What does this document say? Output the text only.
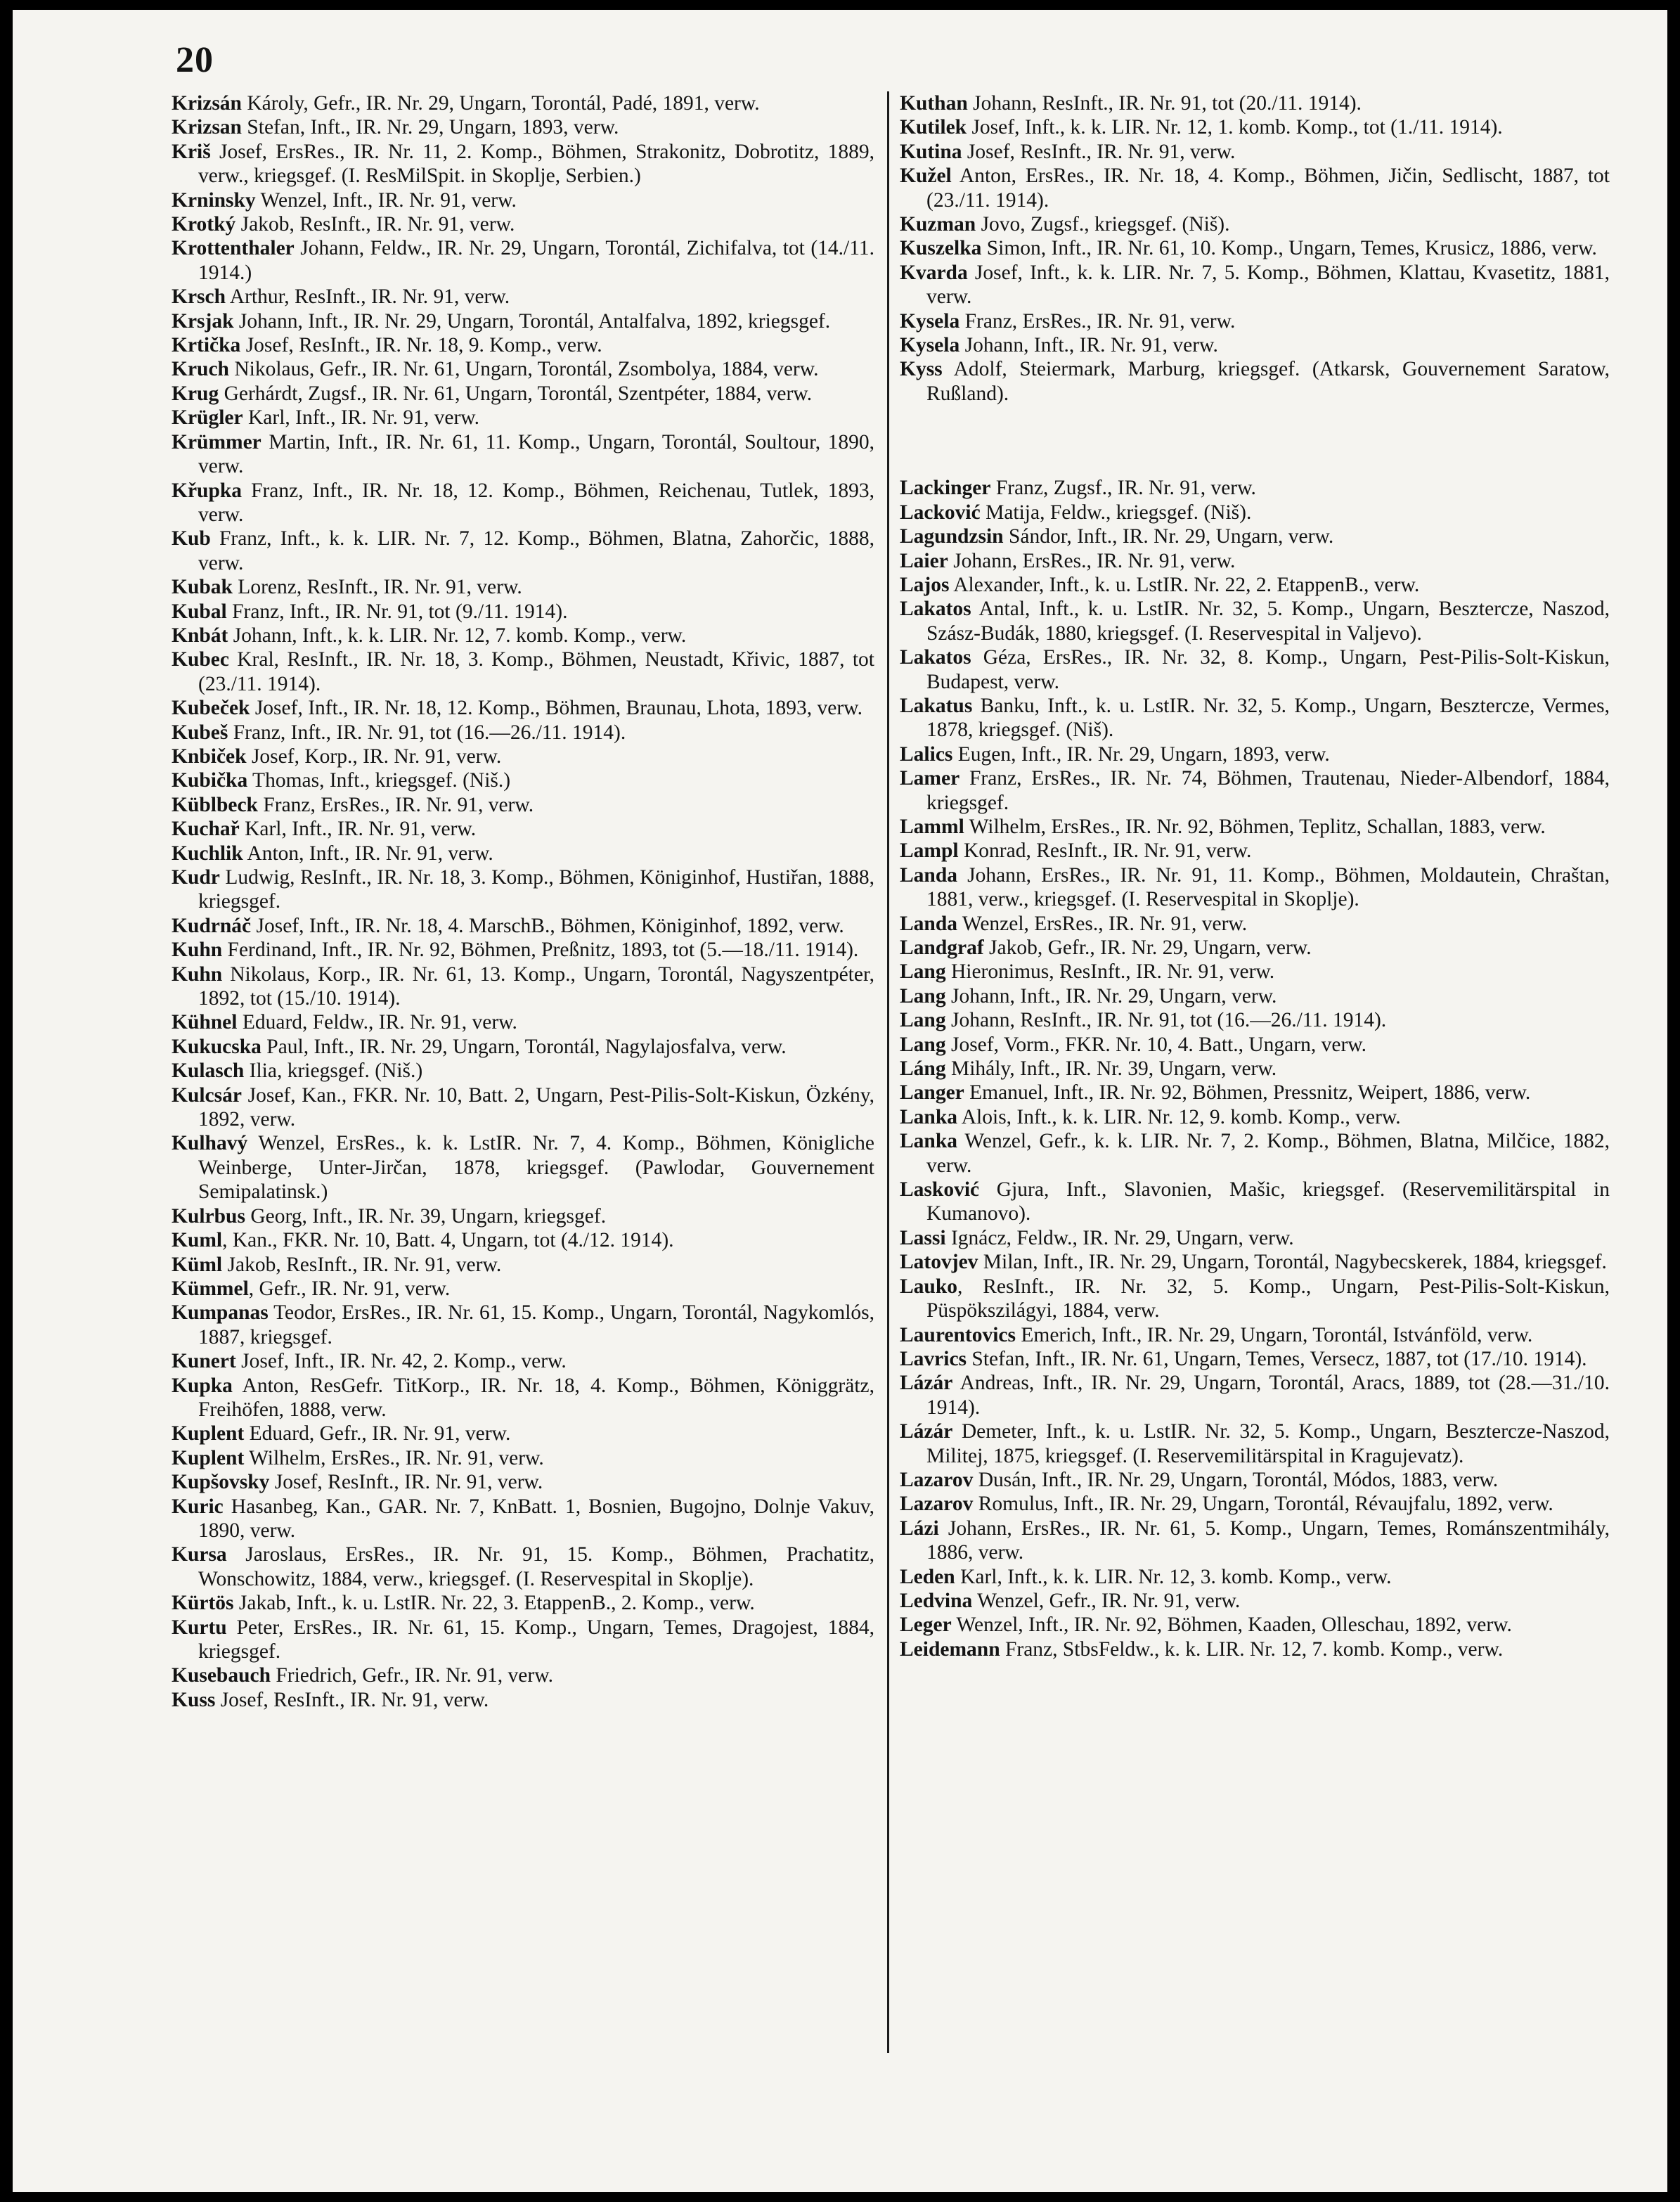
20
Krizsán Károly, Gefr., IR. Nr. 29, Ungarn, Torontál, Padé, 1891, verw.
Krizsan Stefan, Inft., IR. Nr. 29, Ungarn, 1893, verw.
Kriš Josef, ErsRes., IR. Nr. 11, 2. Komp., Böhmen, Strakonitz, Dobrotitz, 1889, verw., kriegsgef. (I. ResMilSpit. in Skoplje, Serbien.)
Krninsky Wenzel, Inft., IR. Nr. 91, verw.
Krotký Jakob, ResInft., IR. Nr. 91, verw.
Krottenthaler Johann, Feldw., IR. Nr. 29, Ungarn, Torontál, Zichifalva, tot (14./11. 1914.)
Krsch Arthur, ResInft., IR. Nr. 91, verw.
Krsjak Johann, Inft., IR. Nr. 29, Ungarn, Torontál, Antalfalva, 1892, kriegsgef.
Krtička Josef, ResInft., IR. Nr. 18, 9. Komp., verw.
Kruch Nikolaus, Gefr., IR. Nr. 61, Ungarn, Torontál, Zsombolya, 1884, verw.
Krug Gerhárdt, Zugsf., IR. Nr. 61, Ungarn, Torontál, Szentpéter, 1884, verw.
Krügler Karl, Inft., IR. Nr. 91, verw.
Krümmer Martin, Inft., IR. Nr. 61, 11. Komp., Ungarn, Torontál, Soultour, 1890, verw.
Křupka Franz, Inft., IR. Nr. 18, 12. Komp., Böhmen, Reichenau, Tutlek, 1893, verw.
Kub Franz, Inft., k. k. LIR. Nr. 7, 12. Komp., Böhmen, Blatna, Zahorčic, 1888, verw.
Kubak Lorenz, ResInft., IR. Nr. 91, verw.
Kubal Franz, Inft., IR. Nr. 91, tot (9./11. 1914).
Knbát Johann, Inft., k. k. LIR. Nr. 12, 7. komb. Komp., verw.
Kubec Kral, ResInft., IR. Nr. 18, 3. Komp., Böhmen, Neustadt, Křivic, 1887, tot (23./11. 1914).
Kubeček Josef, Inft., IR. Nr. 18, 12. Komp., Böhmen, Braunau, Lhota, 1893, verw.
Kubeš Franz, Inft., IR. Nr. 91, tot (16.—26./11. 1914).
Knbiček Josef, Korp., IR. Nr. 91, verw.
Kubička Thomas, Inft., kriegsgef. (Niš.)
Küblbeck Franz, ErsRes., IR. Nr. 91, verw.
Kuchař Karl, Inft., IR. Nr. 91, verw.
Kuchlik Anton, Inft., IR. Nr. 91, verw.
Kudr Ludwig, ResInft., IR. Nr. 18, 3. Komp., Böhmen, Königinhof, Hustiřan, 1888, kriegsgef.
Kudrnáč Josef, Inft., IR. Nr. 18, 4. MarschB., Böhmen, Königinhof, 1892, verw.
Kuhn Ferdinand, Inft., IR. Nr. 92, Böhmen, Preßnitz, 1893, tot (5.—18./11. 1914).
Kuhn Nikolaus, Korp., IR. Nr. 61, 13. Komp., Ungarn, Torontál, Nagyszentpéter, 1892, tot (15./10. 1914).
Kühnel Eduard, Feldw., IR. Nr. 91, verw.
Kukucska Paul, Inft., IR. Nr. 29, Ungarn, Torontál, Nagylajosfalva, verw.
Kulasch Ilia, kriegsgef. (Niš.)
Kulcsár Josef, Kan., FKR. Nr. 10, Batt. 2, Ungarn, Pest-Pilis-Solt-Kiskun, Özkény, 1892, verw.
Kulhavý Wenzel, ErsRes., k. k. LstIR. Nr. 7, 4. Komp., Böhmen, Königliche Weinberge, Unter-Jirčan, 1878, kriegsgef. (Pawlodar, Gouvernement Semipalatinsk.)
Kulrbus Georg, Inft., IR. Nr. 39, Ungarn, kriegsgef.
Kuml, Kan., FKR. Nr. 10, Batt. 4, Ungarn, tot (4./12. 1914).
Küml Jakob, ResInft., IR. Nr. 91, verw.
Kümmel, Gefr., IR. Nr. 91, verw.
Kumpanas Teodor, ErsRes., IR. Nr. 61, 15. Komp., Ungarn, Torontál, Nagykomlós, 1887, kriegsgef.
Kunert Josef, Inft., IR. Nr. 42, 2. Komp., verw.
Kupka Anton, ResGefr. TitKorp., IR. Nr. 18, 4. Komp., Böhmen, Königgrätz, Freihöfen, 1888, verw.
Kuplent Eduard, Gefr., IR. Nr. 91, verw.
Kuplent Wilhelm, ErsRes., IR. Nr. 91, verw.
Kupšovsky Josef, ResInft., IR. Nr. 91, verw.
Kuric Hasanbeg, Kan., GAR. Nr. 7, KnBatt. 1, Bosnien, Bugojno, Dolnje Vakuv, 1890, verw.
Kursa Jaroslaus, ErsRes., IR. Nr. 91, 15. Komp., Böhmen, Prachatitz, Wonschowitz, 1884, verw., kriegsgef. (I. Reservespital in Skoplje).
Kürtös Jakab, Inft., k. u. LstIR. Nr. 22, 3. EtappenB., 2. Komp., verw.
Kurtu Peter, ErsRes., IR. Nr. 61, 15. Komp., Ungarn, Temes, Dragojest, 1884, kriegsgef.
Kusebauch Friedrich, Gefr., IR. Nr. 91, verw.
Kuss Josef, ResInft., IR. Nr. 91, verw.
Kuthan Johann, ResInft., IR. Nr. 91, tot (20./11. 1914).
Kutilek Josef, Inft., k. k. LIR. Nr. 12, 1. komb. Komp., tot (1./11. 1914).
Kutina Josef, ResInft., IR. Nr. 91, verw.
Kužel Anton, ErsRes., IR. Nr. 18, 4. Komp., Böhmen, Jičin, Sedlischt, 1887, tot (23./11. 1914).
Kuzman Jovo, Zugsf., kriegsgef. (Niš).
Kuszelka Simon, Inft., IR. Nr. 61, 10. Komp., Ungarn, Temes, Krusicz, 1886, verw.
Kvarda Josef, Inft., k. k. LIR. Nr. 7, 5. Komp., Böhmen, Klattau, Kvasetitz, 1881, verw.
Kysela Franz, ErsRes., IR. Nr. 91, verw.
Kysela Johann, Inft., IR. Nr. 91, verw.
Kyss Adolf, Steiermark, Marburg, kriegsgef. (Atkarsk, Gouvernement Saratow, Rußland).
Lackinger Franz, Zugsf., IR. Nr. 91, verw.
Lacković Matija, Feldw., kriegsgef. (Niš).
Lagundzsin Sándor, Inft., IR. Nr. 29, Ungarn, verw.
Laier Johann, ErsRes., IR. Nr. 91, verw.
Lajos Alexander, Inft., k. u. LstIR. Nr. 22, 2. EtappenB., verw.
Lakatos Antal, Inft., k. u. LstIR. Nr. 32, 5. Komp., Ungarn, Besztercze, Naszod, Szász-Budák, 1880, kriegsgef. (I. Reservespital in Valjevo).
Lakatos Géza, ErsRes., IR. Nr. 32, 8. Komp., Ungarn, Pest-Pilis-Solt-Kiskun, Budapest, verw.
Lakatus Banku, Inft., k. u. LstIR. Nr. 32, 5. Komp., Ungarn, Besztercze, Vermes, 1878, kriegsgef. (Niš).
Lalics Eugen, Inft., IR. Nr. 29, Ungarn, 1893, verw.
Lamer Franz, ErsRes., IR. Nr. 74, Böhmen, Trautenau, Nieder-Albendorf, 1884, kriegsgef.
Lamml Wilhelm, ErsRes., IR. Nr. 92, Böhmen, Teplitz, Schallan, 1883, verw.
Lampl Konrad, ResInft., IR. Nr. 91, verw.
Landa Johann, ErsRes., IR. Nr. 91, 11. Komp., Böhmen, Moldautein, Chraštan, 1881, verw., kriegsgef. (I. Reservespital in Skoplje).
Landa Wenzel, ErsRes., IR. Nr. 91, verw.
Landgraf Jakob, Gefr., IR. Nr. 29, Ungarn, verw.
Lang Hieronimus, ResInft., IR. Nr. 91, verw.
Lang Johann, Inft., IR. Nr. 29, Ungarn, verw.
Lang Johann, ResInft., IR. Nr. 91, tot (16.—26./11. 1914).
Lang Josef, Vorm., FKR. Nr. 10, 4. Batt., Ungarn, verw.
Láng Mihály, Inft., IR. Nr. 39, Ungarn, verw.
Langer Emanuel, Inft., IR. Nr. 92, Böhmen, Pressnitz, Weipert, 1886, verw.
Lanka Alois, Inft., k. k. LIR. Nr. 12, 9. komb. Komp., verw.
Lanka Wenzel, Gefr., k. k. LIR. Nr. 7, 2. Komp., Böhmen, Blatna, Milčice, 1882, verw.
Lasković Gjura, Inft., Slavonien, Mašic, kriegsgef. (Reservemilitärspital in Kumanovo).
Lassi Ignácz, Feldw., IR. Nr. 29, Ungarn, verw.
Latovjev Milan, Inft., IR. Nr. 29, Ungarn, Torontál, Nagybecskerek, 1884, kriegsgef.
Lauko, ResInft., IR. Nr. 32, 5. Komp., Ungarn, Pest-Pilis-Solt-Kiskun, Püspökszilágyi, 1884, verw.
Laurentovics Emerich, Inft., IR. Nr. 29, Ungarn, Torontál, Istvánföld, verw.
Lavrics Stefan, Inft., IR. Nr. 61, Ungarn, Temes, Versecz, 1887, tot (17./10. 1914).
Lázár Andreas, Inft., IR. Nr. 29, Ungarn, Torontál, Aracs, 1889, tot (28.—31./10. 1914).
Lázár Demeter, Inft., k. u. LstIR. Nr. 32, 5. Komp., Ungarn, Besztercze-Naszod, Militej, 1875, kriegsgef. (I. Reservemilitärspital in Kragujevatz).
Lazarov Dusán, Inft., IR. Nr. 29, Ungarn, Torontál, Módos, 1883, verw.
Lazarov Romulus, Inft., IR. Nr. 29, Ungarn, Torontál, Révaujfalu, 1892, verw.
Lázi Johann, ErsRes., IR. Nr. 61, 5. Komp., Ungarn, Temes, Románszentmihály, 1886, verw.
Leden Karl, Inft., k. k. LIR. Nr. 12, 3. komb. Komp., verw.
Ledvina Wenzel, Gefr., IR. Nr. 91, verw.
Leger Wenzel, Inft., IR. Nr. 92, Böhmen, Kaaden, Olleschau, 1892, verw.
Leidemann Franz, StbsFeldw., k. k. LIR. Nr. 12, 7. komb. Komp., verw.
